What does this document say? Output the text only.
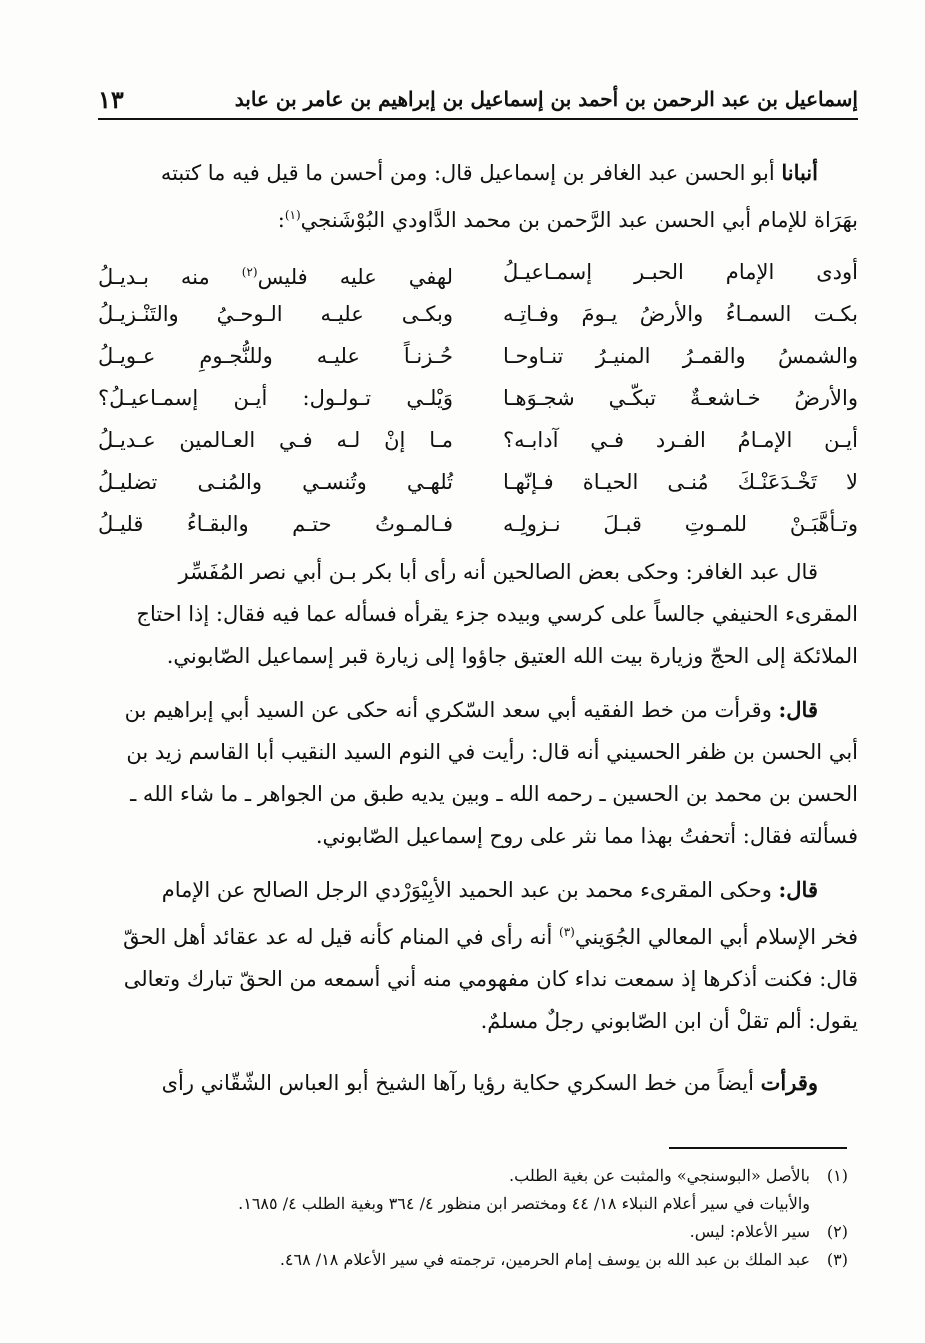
إسماعيل بن عبد الرحمن بن أحمد بن إسماعيل بن إبراهيم بن عامر بن عابد
١٣

أنبانا أبو الحسن عبد الغافر بن إسماعيل قال: ومن أحسن ما قيل فيه ما كتبته

بهَرَاة للإمام أبي الحسن عبد الرَّحمن بن محمد الدَّاودي البُوْشَنجي$^{(١)}$:

أودى الإمام الحبـر إسمـاعيـلُ
لهفي عليه فليس$^{(٢)}$ منه بـديـلُ
بكـت السمـاءُ والأرضُ يـومَ وفـاتِـه
وبكـى عليـه الـوحـيُ والتَنْـزيـلُ
والشمسُ والقمـرُ المنيـرُ تنـاوحـا
حُـزنـاً عليـه وللنُّجـومِ عـويـلُ
والأرضُ خـاشعـةٌ تبكّـي شجـوَهـا
وَيْلـي تـولـول: أيـن إسمـاعيـلُ؟
أيـن الإمـامُ الفـرد فـي آدابـه؟
مـا إنْ لـه فـي العـالمين عـديـلُ
لا تَخْـدَعَنْـكَ مُنـى الحيـاة فـإنّهـا
تُلهـي وتُنسـي والمُنـى تضليـلُ
وتـأهَّبَـنْ للمـوتِ قبـلَ نـزولِـه
فـالمـوتُ حتـم والبقـاءُ قليـلُ

قال عبد الغافر: وحكى بعض الصالحين أنه رأى أبا بكر بـن أبي نصر المُفَسِّر

المقرىء الحنيفي جالساً على كرسي وبيده جزء يقرأه فسأله عما فيه فقال: إذا احتاج

الملائكة إلى الحجّ وزيارة بيت الله العتيق جاؤوا إلى زيارة قبر إسماعيل الصّابوني.

قال: وقرأت من خط الفقيه أبي سعد السّكري أنه حكى عن السيد أبي إبراهيم بن

أبي الحسن بن ظفر الحسيني أنه قال: رأيت في النوم السيد النقيب أبا القاسم زيد بن

الحسن بن محمد بن الحسين ـ رحمه الله ـ وبين يديه طبق من الجواهر ـ ما شاء الله ـ

فسألته فقال: أتحفتُ بهذا مما نثر على روح إسماعيل الصّابوني.

قال: وحكى المقرىء محمد بن عبد الحميد الأبِيْوَرْدي الرجل الصالح عن الإمام

فخر الإسلام أبي المعالي الجُوَيني$^{(٣)}$ أنه رأى في المنام كأنه قيل له عد عقائد أهل الحقّ

قال: فكنت أذكرها إذ سمعت نداء كان مفهومي منه أني أسمعه من الحقّ تبارك وتعالى

يقول: ألم تقلْ أن ابن الصّابوني رجلٌ مسلمٌ.

وقرأت أيضاً من خط السكري حكاية رؤيا رآها الشيخ أبو العباس الشّقّاني رأى

(١)
بالأصل «البوسنجي» والمثبت عن بغية الطلب.
والأبيات في سير أعلام النبلاء ١٨/ ٤٤ ومختصر ابن منظور ٤/ ٣٦٤ وبغية الطلب ٤/ ١٦٨٥.
(٢)
سير الأعلام: ليس.
(٣)
عبد الملك بن عبد الله بن يوسف إمام الحرمين، ترجمته في سير الأعلام ١٨/ ٤٦٨.
